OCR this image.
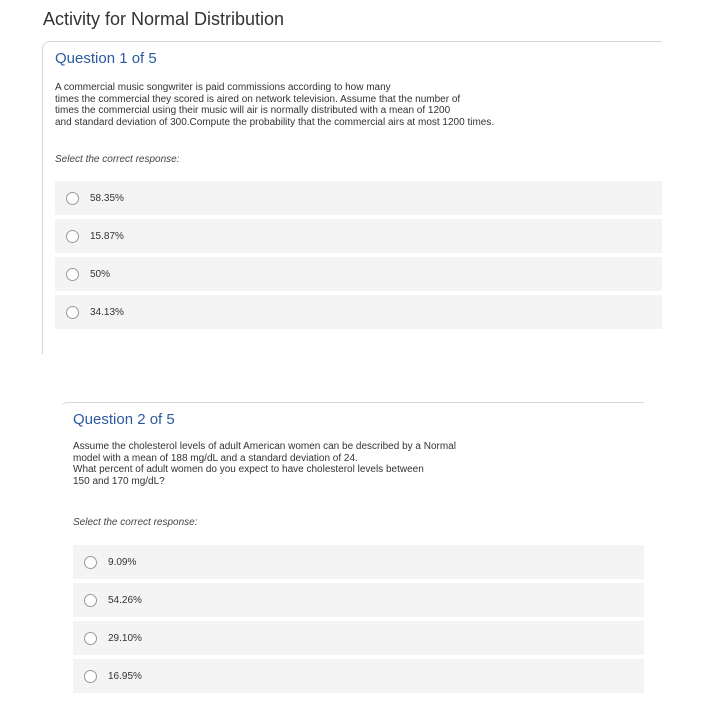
Activity for Normal Distribution
Question 1 of 5

A commercial music songwriter is paid commissions according to how many
times the commercial they scored is aired on network television. Assume that the number of
times the commercial using their music will air is normally distributed with a mean of 1200
and standard deviation of 300.Compute the probability that the commercial airs at most 1200 times.

Select the correct response:

58.35%
15.87%
50%
34.13%
Question 2 of 5

Assume the cholesterol levels of adult American women can be described by a Normal
model with a mean of 188 mg/dL and a standard deviation of 24.
What percent of adult women do you expect to have cholesterol levels between
150 and 170 mg/dL?

Select the correct response:

9.09%
54.26%
29.10%
16.95%
